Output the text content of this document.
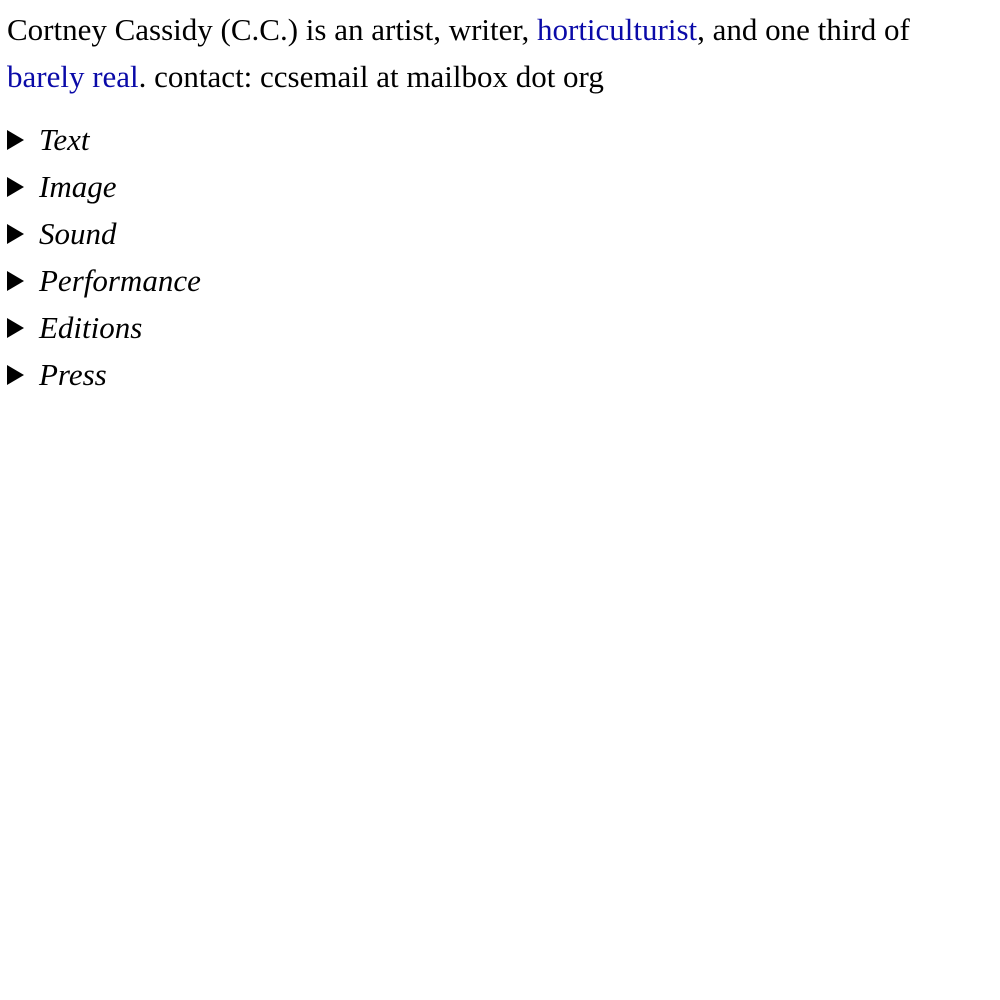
Cortney Cassidy (C.C.) is an artist, writer, horticulturist, and one third of barely real. contact: ccsemail at mailbox dot org

Text
Image
Sound
Performance
Editions
Press
